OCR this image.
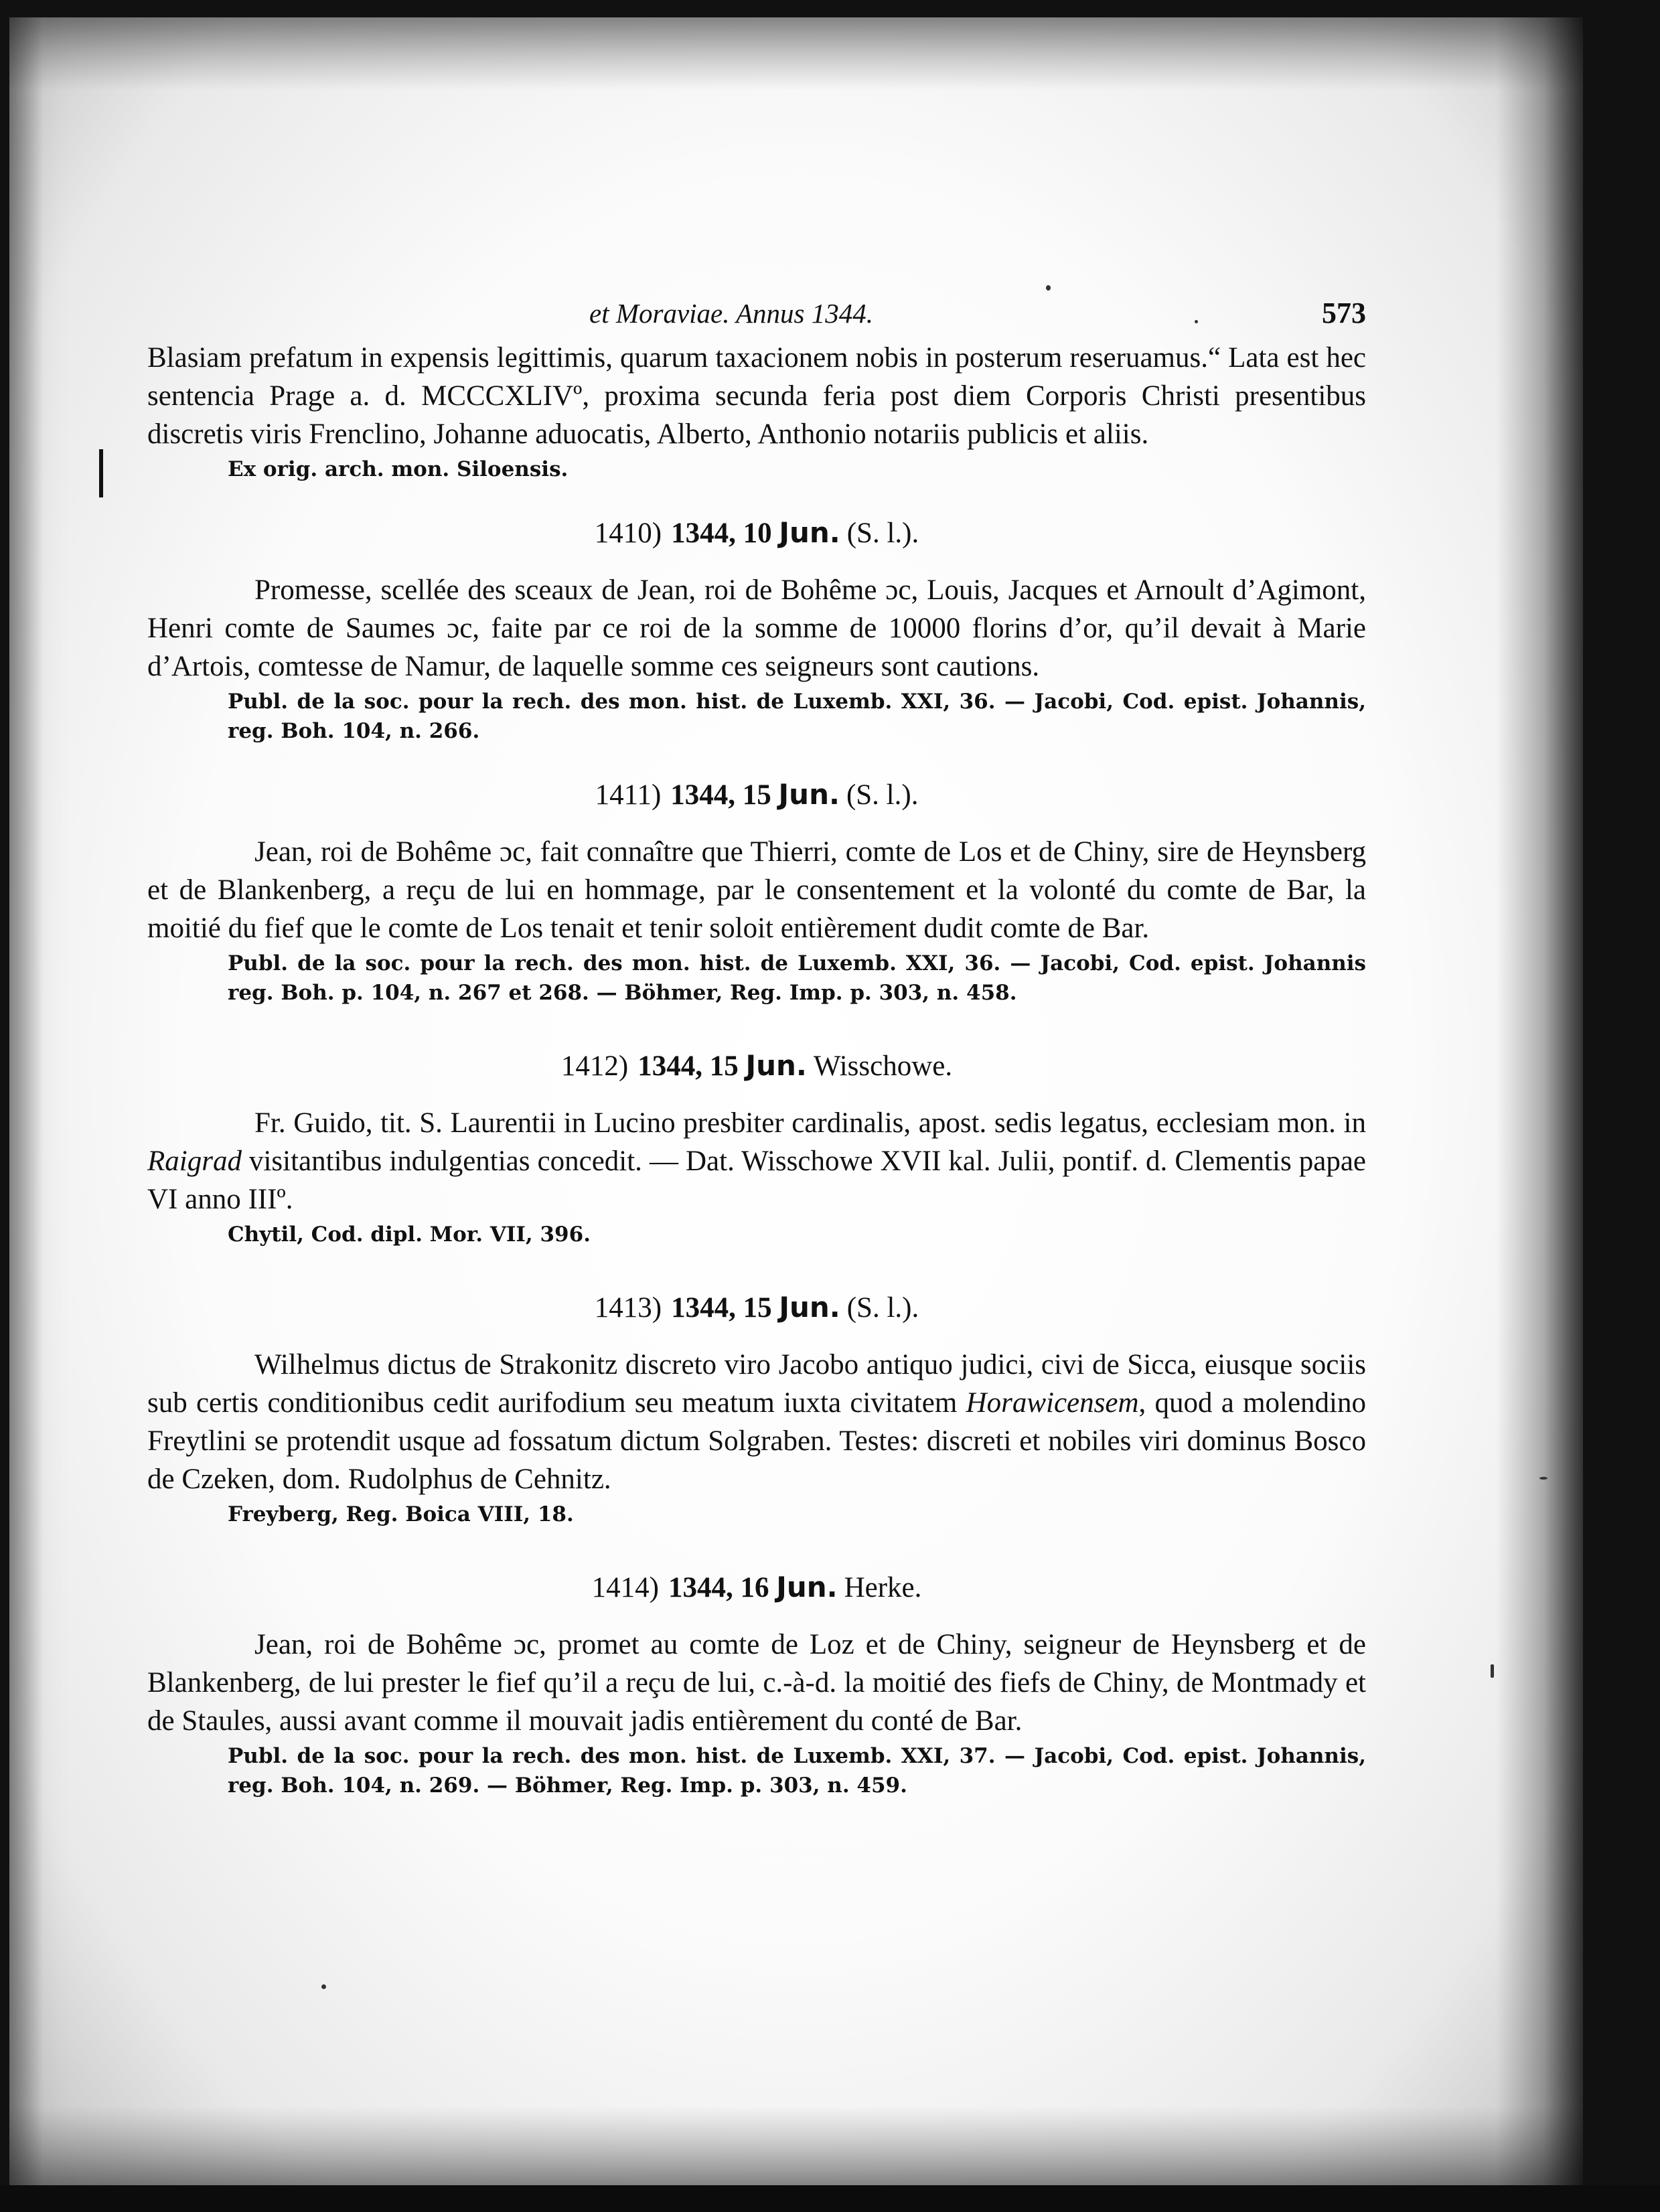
et Moraviae. Annus 1344.	573

Blasiam prefatum in expensis legittimis, quarum taxacionem nobis in posterum reseruamus.“ Lata est hec sentencia Prage a. d. MCCCXLIVº, proxima secunda feria post diem Corporis Christi presentibus discretis viris Frenclino, Johanne aduocatis, Alberto, Anthonio notariis publicis et aliis.

Ex orig. arch. mon. Siloensis.

1410) 1344, 10 Jun. (S. l.).

Promesse, scellée des sceaux de Jean, roi de Bohême ɔc, Louis, Jacques et Arnoult d’Agimont, Henri comte de Saumes ɔc, faite par ce roi de la somme de 10000 florins d’or, qu’il devait à Marie d’Artois, comtesse de Namur, de laquelle somme ces seigneurs sont cautions.

Publ. de la soc. pour la rech. des mon. hist. de Luxemb. XXI, 36. — Jacobi, Cod. epist. Johannis, reg. Boh. 104, n. 266.

1411) 1344, 15 Jun. (S. l.).

Jean, roi de Bohême ɔc, fait connaître que Thierri, comte de Los et de Chiny, sire de Heynsberg et de Blankenberg, a reçu de lui en hommage, par le consentement et la volonté du comte de Bar, la moitié du fief que le comte de Los tenait et tenir soloit entièrement dudit comte de Bar.

Publ. de la soc. pour la rech. des mon. hist. de Luxemb. XXI, 36. — Jacobi, Cod. epist. Johannis reg. Boh. p. 104, n. 267 et 268. — Böhmer, Reg. Imp. p. 303, n. 458.

1412) 1344, 15 Jun. Wisschowe.

Fr. Guido, tit. S. Laurentii in Lucino presbiter cardinalis, apost. sedis legatus, ecclesiam mon. in Raigrad visitantibus indulgentias concedit. — Dat. Wisschowe XVII kal. Julii, pontif. d. Clementis papae VI anno IIIº.

Chytil, Cod. dipl. Mor. VII, 396.

1413) 1344, 15 Jun. (S. l.).

Wilhelmus dictus de Strakonitz discreto viro Jacobo antiquo judici, civi de Sicca, eiusque sociis sub certis conditionibus cedit aurifodium seu meatum iuxta civitatem Horawicensem, quod a molendino Freytlini se protendit usque ad fossatum dictum Solgraben. Testes: discreti et nobiles viri dominus Bosco de Czeken, dom. Rudolphus de Cehnitz.

Freyberg, Reg. Boica VIII, 18.

1414) 1344, 16 Jun. Herke.

Jean, roi de Bohême ɔc, promet au comte de Loz et de Chiny, seigneur de Heynsberg et de Blankenberg, de lui prester le fief qu’il a reçu de lui, c.-à-d. la moitié des fiefs de Chiny, de Montmady et de Staules, aussi avant comme il mouvait jadis entièrement du conté de Bar.

Publ. de la soc. pour la rech. des mon. hist. de Luxemb. XXI, 37. — Jacobi, Cod. epist. Johannis, reg. Boh. 104, n. 269. — Böhmer, Reg. Imp. p. 303, n. 459.
